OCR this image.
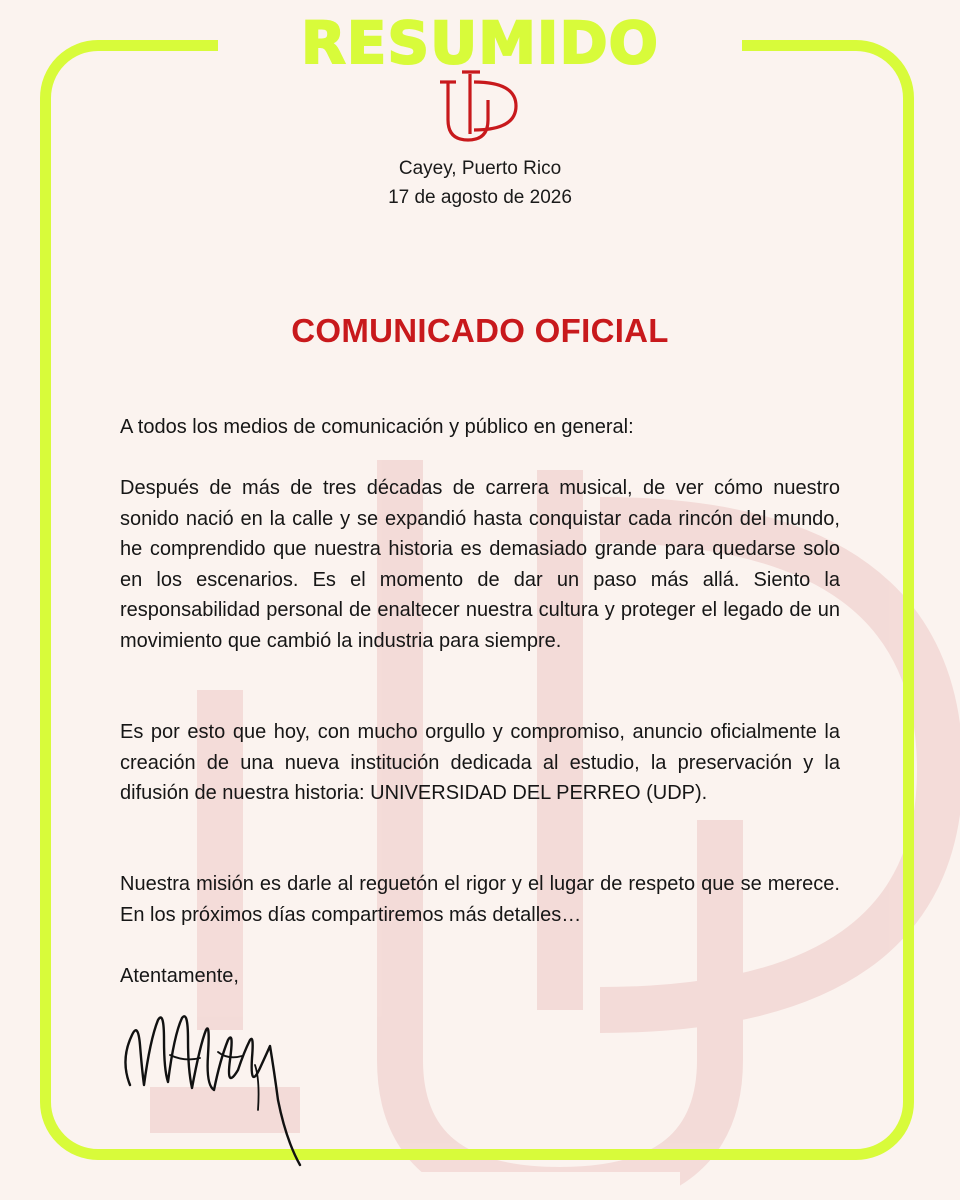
RESUMIDO
Cayey, Puerto Rico
17 de agosto de 2026
COMUNICADO OFICIAL

A todos los medios de comunicación y público en general:

Después de más de tres décadas de carrera musical, de ver cómo nuestro sonido nació en la calle y se expandió hasta conquistar cada rincón del mundo, he comprendido que nuestra historia es demasiado grande para quedarse solo en los escenarios. Es el momento de dar un paso más allá. Siento la responsabilidad personal de enaltecer nuestra cultura y proteger el legado de un movimiento que cambió la industria para siempre.

Es por esto que hoy, con mucho orgullo y compromiso, anuncio oficialmente la creación de una nueva institución dedicada al estudio, la preservación y la difusión de nuestra historia: UNIVERSIDAD DEL PERREO (UDP).

Nuestra misión es darle al reguetón el rigor y el lugar de respeto que se merece. En los próximos días compartiremos más detalles…

Atentamente,
